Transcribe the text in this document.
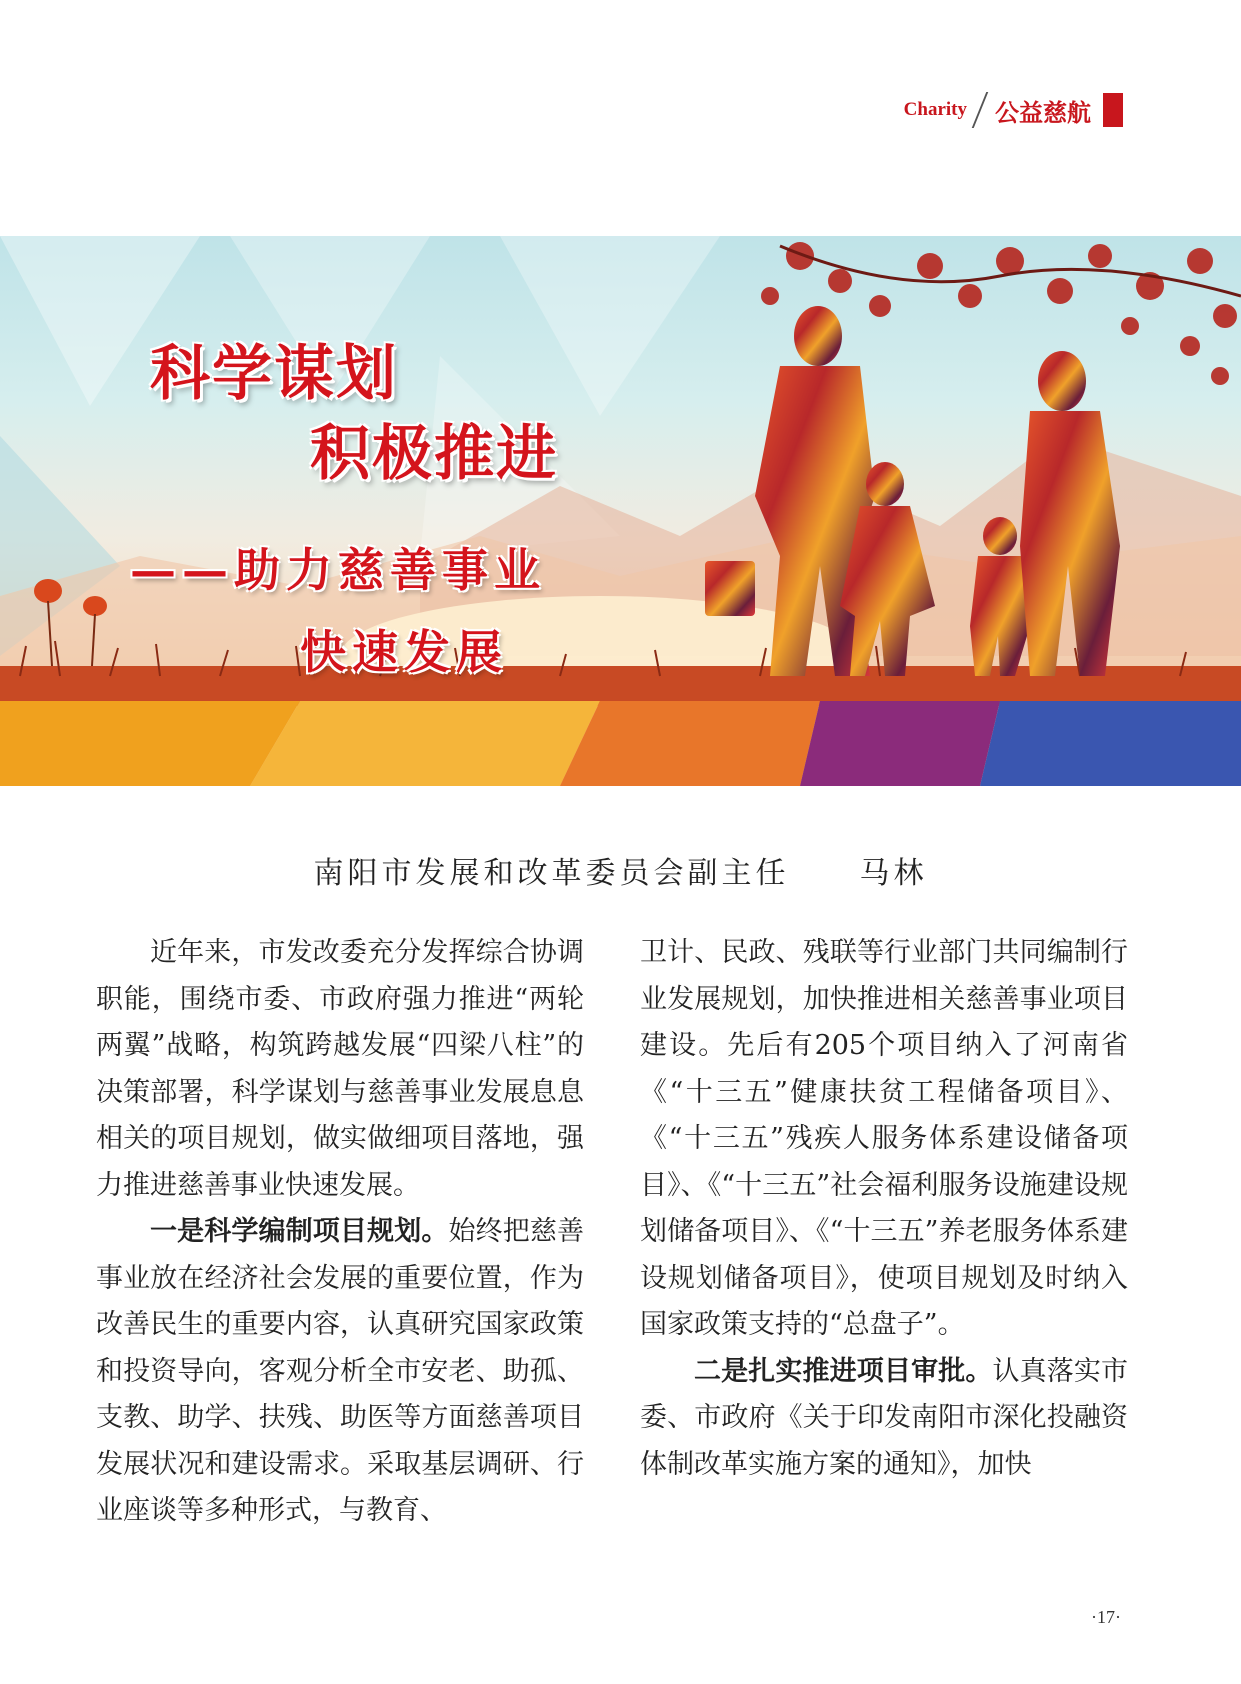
Charity 公益慈航
科学谋划
积极推进
——助力慈善事业
快速发展
南阳市发展和改革委员会副主任 马林

近年来，市发改委充分发挥综合协调职能，围绕市委、市政府强力推进“两轮两翼”战略，构筑跨越发展“四梁八柱”的决策部署，科学谋划与慈善事业发展息息相关的项目规划，做实做细项目落地，强力推进慈善事业快速发展。

一是科学编制项目规划。始终把慈善事业放在经济社会发展的重要位置，作为改善民生的重要内容，认真研究国家政策和投资导向，客观分析全市安老、助孤、支教、助学、扶残、助医等方面慈善项目发展状况和建设需求。采取基层调研、行业座谈等多种形式，与教育、

卫计、民政、残联等行业部门共同编制行业发展规划，加快推进相关慈善事业项目建设。先后有205个项目纳入了河南省《“十三五”健康扶贫工程储备项目》、《“十三五”残疾人服务体系建设储备项目》、《“十三五”社会福利服务设施建设规划储备项目》、《“十三五”养老服务体系建设规划储备项目》，使项目规划及时纳入国家政策支持的“总盘子”。

二是扎实推进项目审批。认真落实市委、市政府《关于印发南阳市深化投融资体制改革实施方案的通知》，加快

·17·
